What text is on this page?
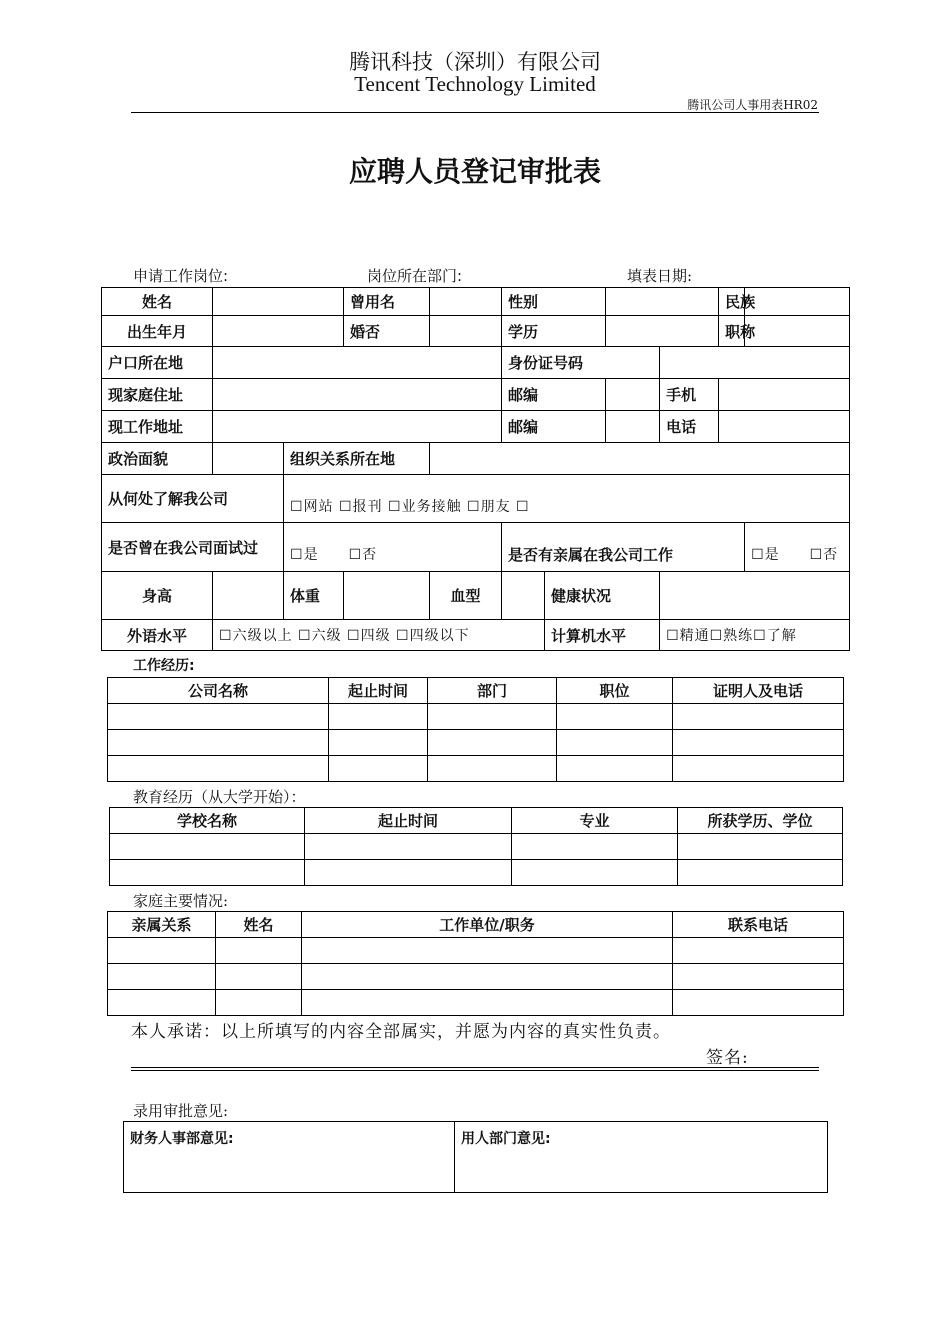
腾讯科技（深圳）有限公司
Tencent Technology Limited
腾讯公司人事用表HR02
应聘人员登记审批表
申请工作岗位:	岗位所在部门:	填表日期:
姓名			曾用名		性别				民族	
出生年月			婚否		学历				职称	
户口所在地					身份证号码					
现家庭住址					邮编			手机		
现工作地址					邮编			电话		
政治面貌		组织关系所在地								
从何处了解我公司		☐网站 ☐报刊 ☐业务接触 ☐朋友 ☐								
是否曾在我公司面试过		☐是　　☐否			是否有亲属在我公司工作					☐是　　☐否
身高		体重		血型		健康状况				
外语水平	☐六级以上 ☐六级 ☐四级 ☐四级以下					计算机水平		☐精通☐熟练☐了解		
工作经历:
公司名称	起止时间	部门	职位	证明人及电话

教育经历（从大学开始）：
学校名称	起止时间	专业	所获学历、学位

家庭主要情况:
亲属关系	姓名	工作单位/职务	联系电话

本人承诺：以上所填写的内容全部属实，并愿为内容的真实性负责。
签名:
录用审批意见:
财务人事部意见:	用人部门意见:
